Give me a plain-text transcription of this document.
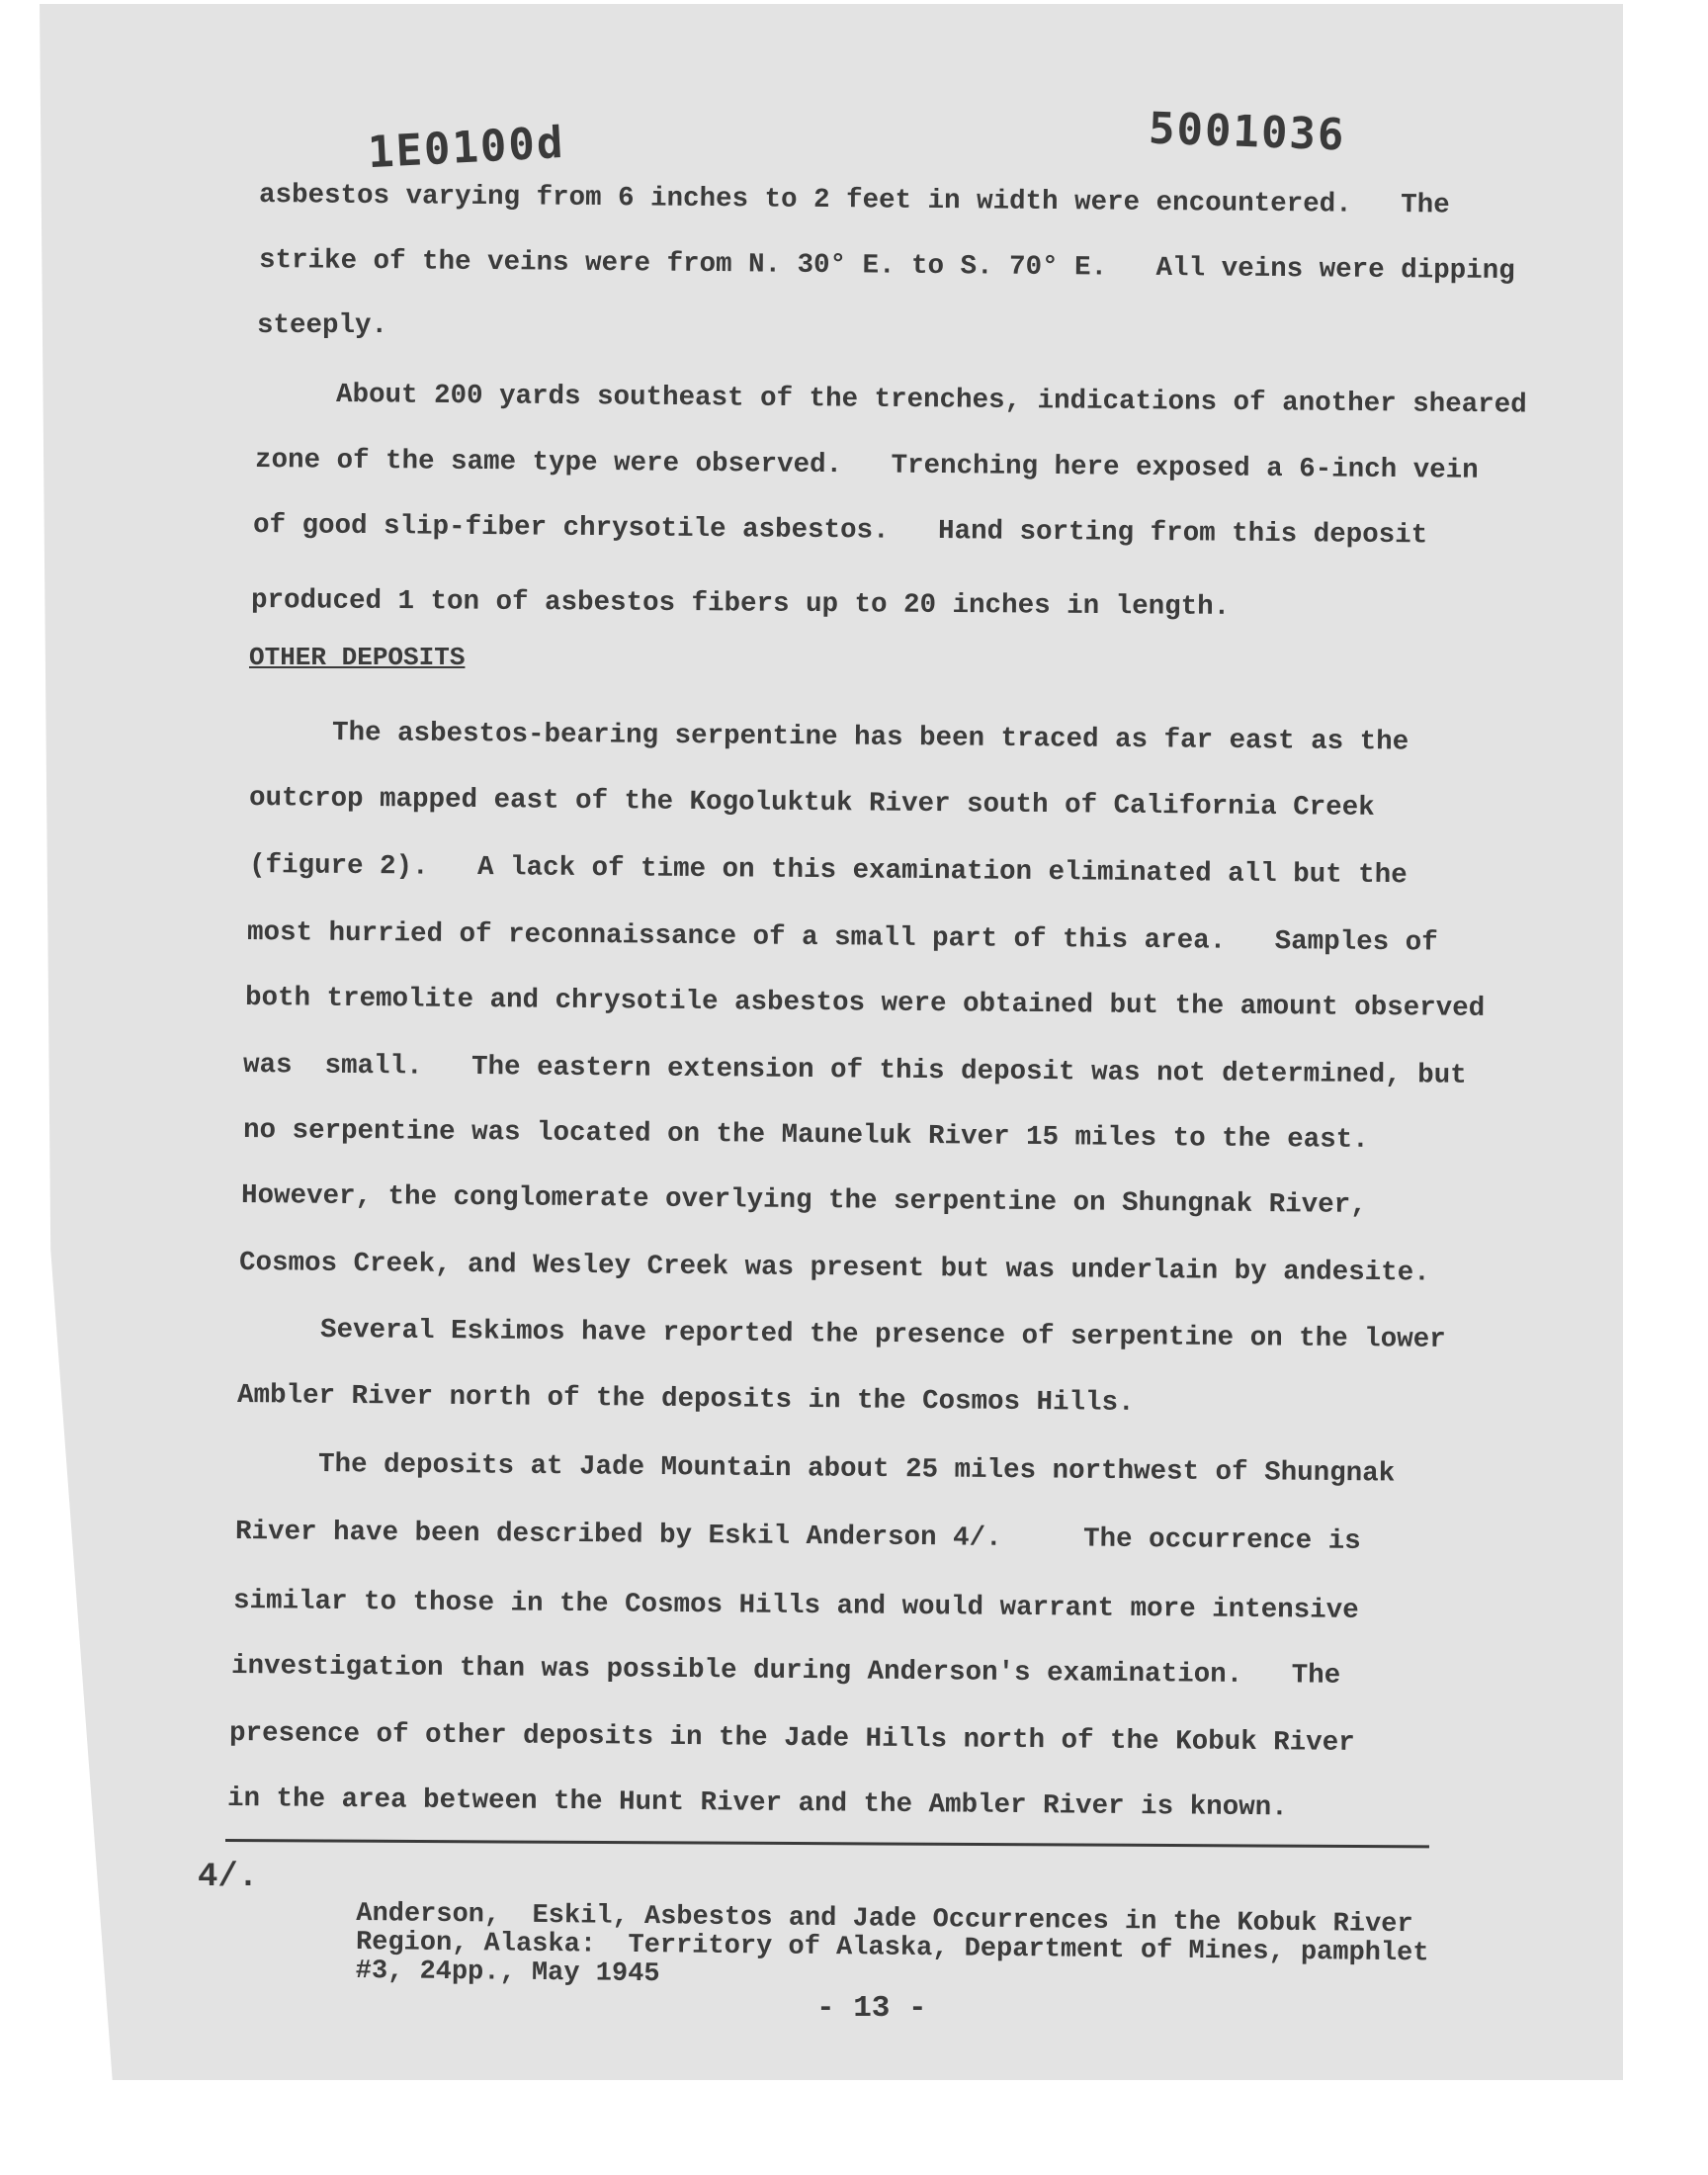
1E0100d	5001036
asbestos varying from 6 inches to 2 feet in width were encountered.   The
strike of the veins were from N. 30° E. to S. 70° E.   All veins were dipping
steeply.
About 200 yards southeast of the trenches, indications of another sheared
zone of the same type were observed.   Trenching here exposed a 6-inch vein
of good slip-fiber chrysotile asbestos.   Hand sorting from this deposit
produced 1 ton of asbestos fibers up to 20 inches in length.
OTHER DEPOSITS
The asbestos-bearing serpentine has been traced as far east as the
outcrop mapped east of the Kogoluktuk River south of California Creek
(figure 2).   A lack of time on this examination eliminated all but the
most hurried of reconnaissance of a small part of this area.   Samples of
both tremolite and chrysotile asbestos were obtained but the amount observed
was  small.   The eastern extension of this deposit was not determined, but
no serpentine was located on the Mauneluk River 15 miles to the east.
However, the conglomerate overlying the serpentine on Shungnak River,
Cosmos Creek, and Wesley Creek was present but was underlain by andesite.
Several Eskimos have reported the presence of serpentine on the lower
Ambler River north of the deposits in the Cosmos Hills.
The deposits at Jade Mountain about 25 miles northwest of Shungnak
River have been described by Eskil Anderson 4/.     The occurrence is
similar to those in the Cosmos Hills and would warrant more intensive
investigation than was possible during Anderson's examination.   The
presence of other deposits in the Jade Hills north of the Kobuk River
in the area between the Hunt River and the Ambler River is known.
4/.
Anderson,  Eskil, Asbestos and Jade Occurrences in the Kobuk River
Region, Alaska:  Territory of Alaska, Department of Mines, pamphlet
#3, 24pp., May 1945
- 13 -
